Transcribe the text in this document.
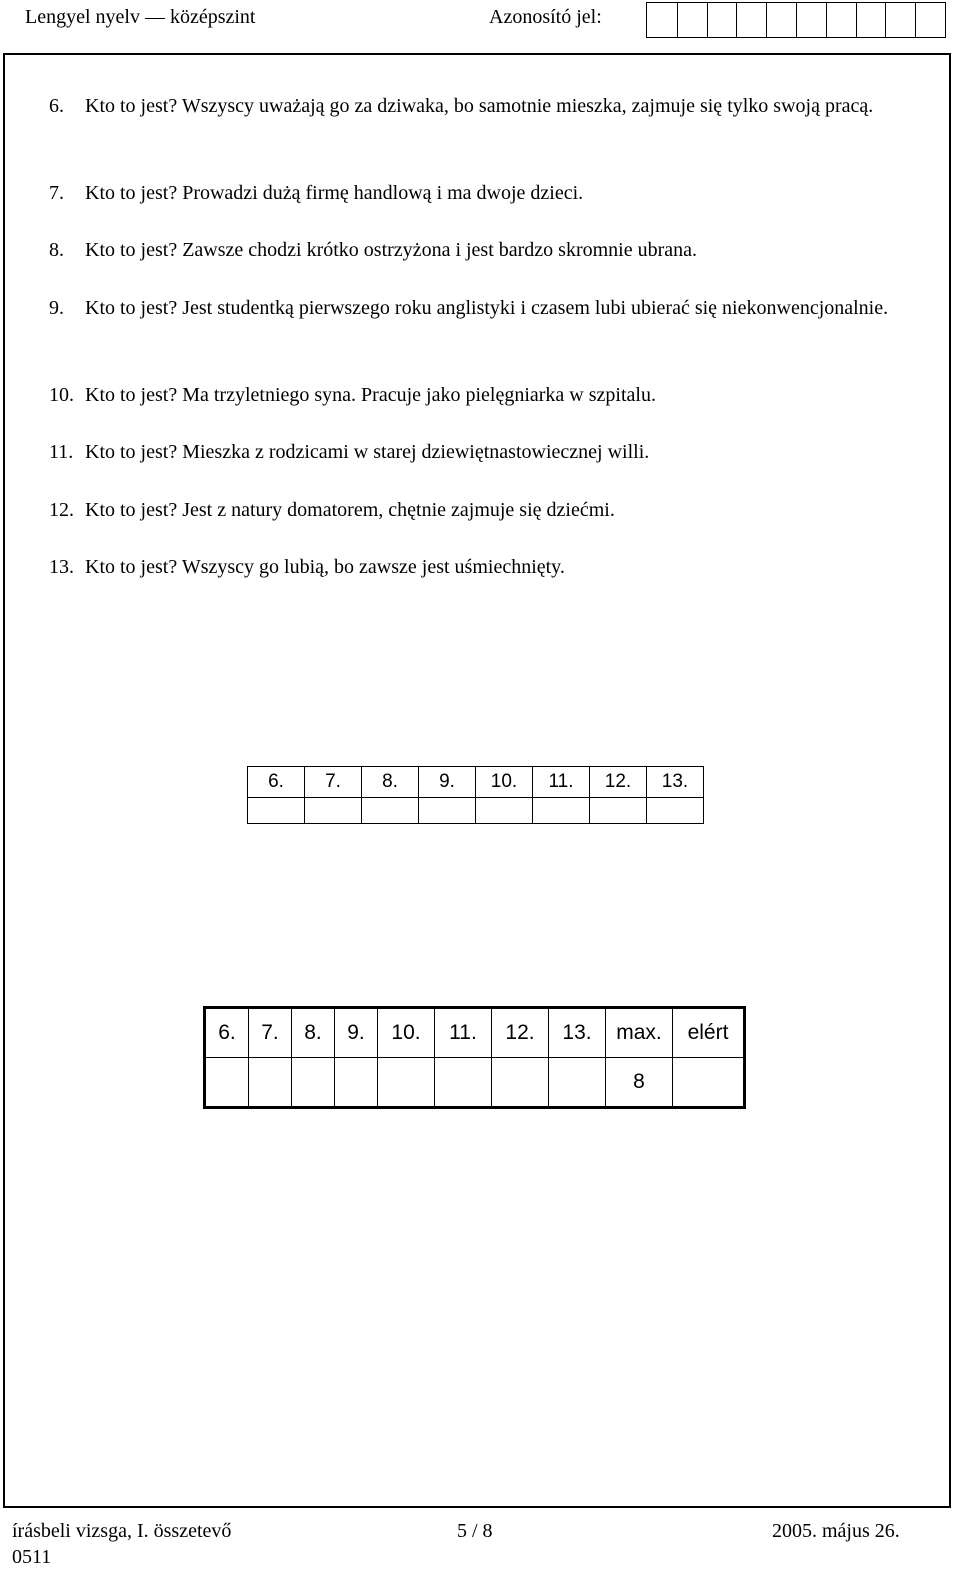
Lengyel nyelv — középszint	Azonosító jel:
6.	Kto to jest? Wszyscy uważają go za dziwaka, bo samotnie mieszka, zajmuje się tylko swoją pracą.
7.	Kto to jest? Prowadzi dużą firmę handlową i ma dwoje dzieci.
8.	Kto to jest? Zawsze chodzi krótko ostrzyżona i jest bardzo skromnie ubrana.
9.	Kto to jest? Jest studentką pierwszego roku anglistyki i czasem lubi ubierać się niekonwencjonalnie.
10. Kto to jest? Ma trzyletniego syna. Pracuje jako pielęgniarka w szpitalu.
11. Kto to jest? Mieszka z rodzicami w starej dziewiętnastowiecznej willi.
12. Kto to jest? Jest z natury domatorem, chętnie zajmuje się dziećmi.
13. Kto to jest? Wszyscy go lubią, bo zawsze jest uśmiechnięty.
6.	7.	8.	9.	10.	11.	12.	13.

6.	7.	8.	9.	10.	11.	12.	13.	max.	elért
								8	
írásbeli vizsga, I. összetevő	5 / 8	2005. május 26.
0511
